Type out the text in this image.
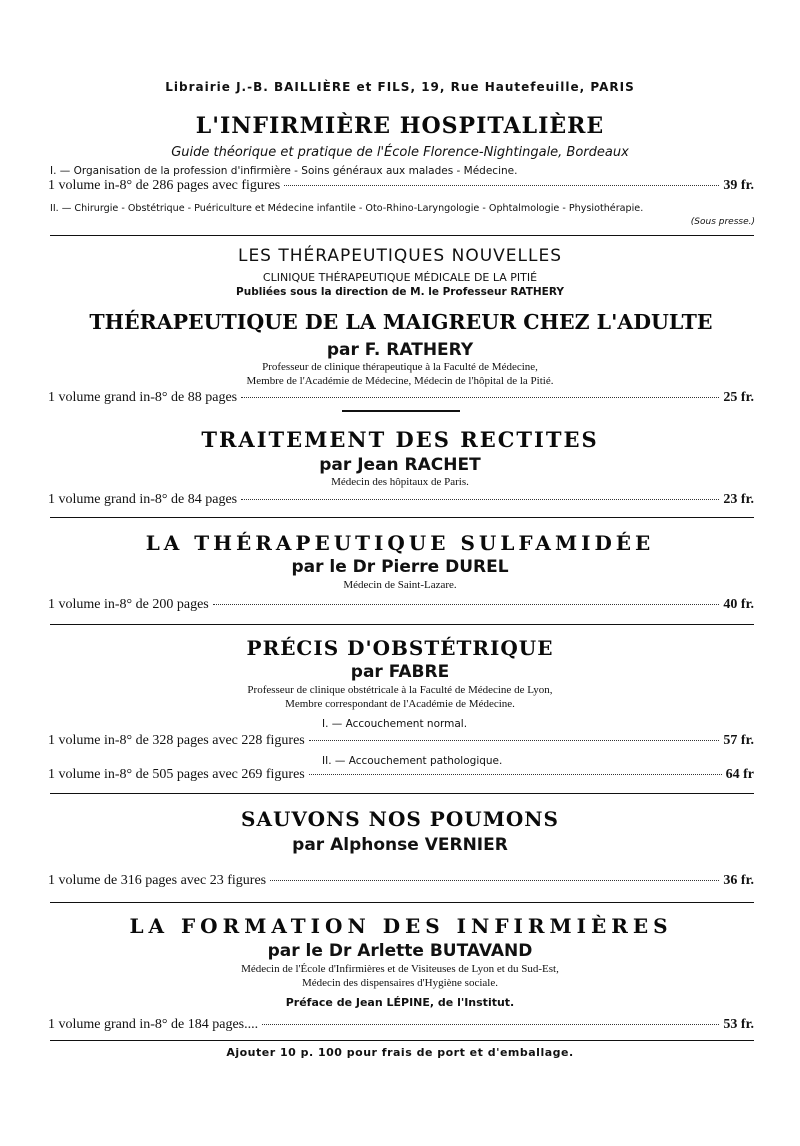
Librairie J.-B. BAILLIÈRE et FILS, 19, Rue Hautefeuille, PARIS
L'INFIRMIÈRE HOSPITALIÈRE
Guide théorique et pratique de l'École Florence-Nightingale, Bordeaux
I. — Organisation de la profession d'infirmière - Soins généraux aux malades - Médecine.
1 volume in-8° de 286 pages avec figures	39 fr.
II. — Chirurgie - Obstétrique - Puériculture et Médecine infantile - Oto-Rhino-Laryngologie - Ophtalmologie - Physiothérapie.
(Sous presse.)
LES THÉRAPEUTIQUES NOUVELLES
CLINIQUE THÉRAPEUTIQUE MÉDICALE DE LA PITIÉ
Publiées sous la direction de M. le Professeur RATHERY
THÉRAPEUTIQUE DE LA MAIGREUR CHEZ L'ADULTE
par F. RATHERY
Professeur de clinique thérapeutique à la Faculté de Médecine,
Membre de l'Académie de Médecine, Médecin de l'hôpital de la Pitié.
1 volume grand in-8° de 88 pages	25 fr.
TRAITEMENT DES RECTITES
par Jean RACHET
Médecin des hôpitaux de Paris.
1 volume grand in-8° de 84 pages	23 fr.
LA THÉRAPEUTIQUE SULFAMIDÉE
par le Dr Pierre DUREL
Médecin de Saint-Lazare.
1 volume in-8° de 200 pages	40 fr.
PRÉCIS D'OBSTÉTRIQUE
par FABRE
Professeur de clinique obstétricale à la Faculté de Médecine de Lyon,
Membre correspondant de l'Académie de Médecine.
I. — Accouchement normal.
1 volume in-8° de 328 pages avec 228 figures	57 fr.
II. — Accouchement pathologique.
1 volume in-8° de 505 pages avec 269 figures	64 fr
SAUVONS NOS POUMONS
par Alphonse VERNIER
1 volume de 316 pages avec 23 figures	36 fr.
LA FORMATION DES INFIRMIÈRES
par le Dr Arlette BUTAVAND
Médecin de l'École d'Infirmières et de Visiteuses de Lyon et du Sud-Est,
Médecin des dispensaires d'Hygiène sociale.
Préface de Jean LÉPINE, de l'Institut.
1 volume grand in-8° de 184 pages....	53 fr.
Ajouter 10 p. 100 pour frais de port et d'emballage.
